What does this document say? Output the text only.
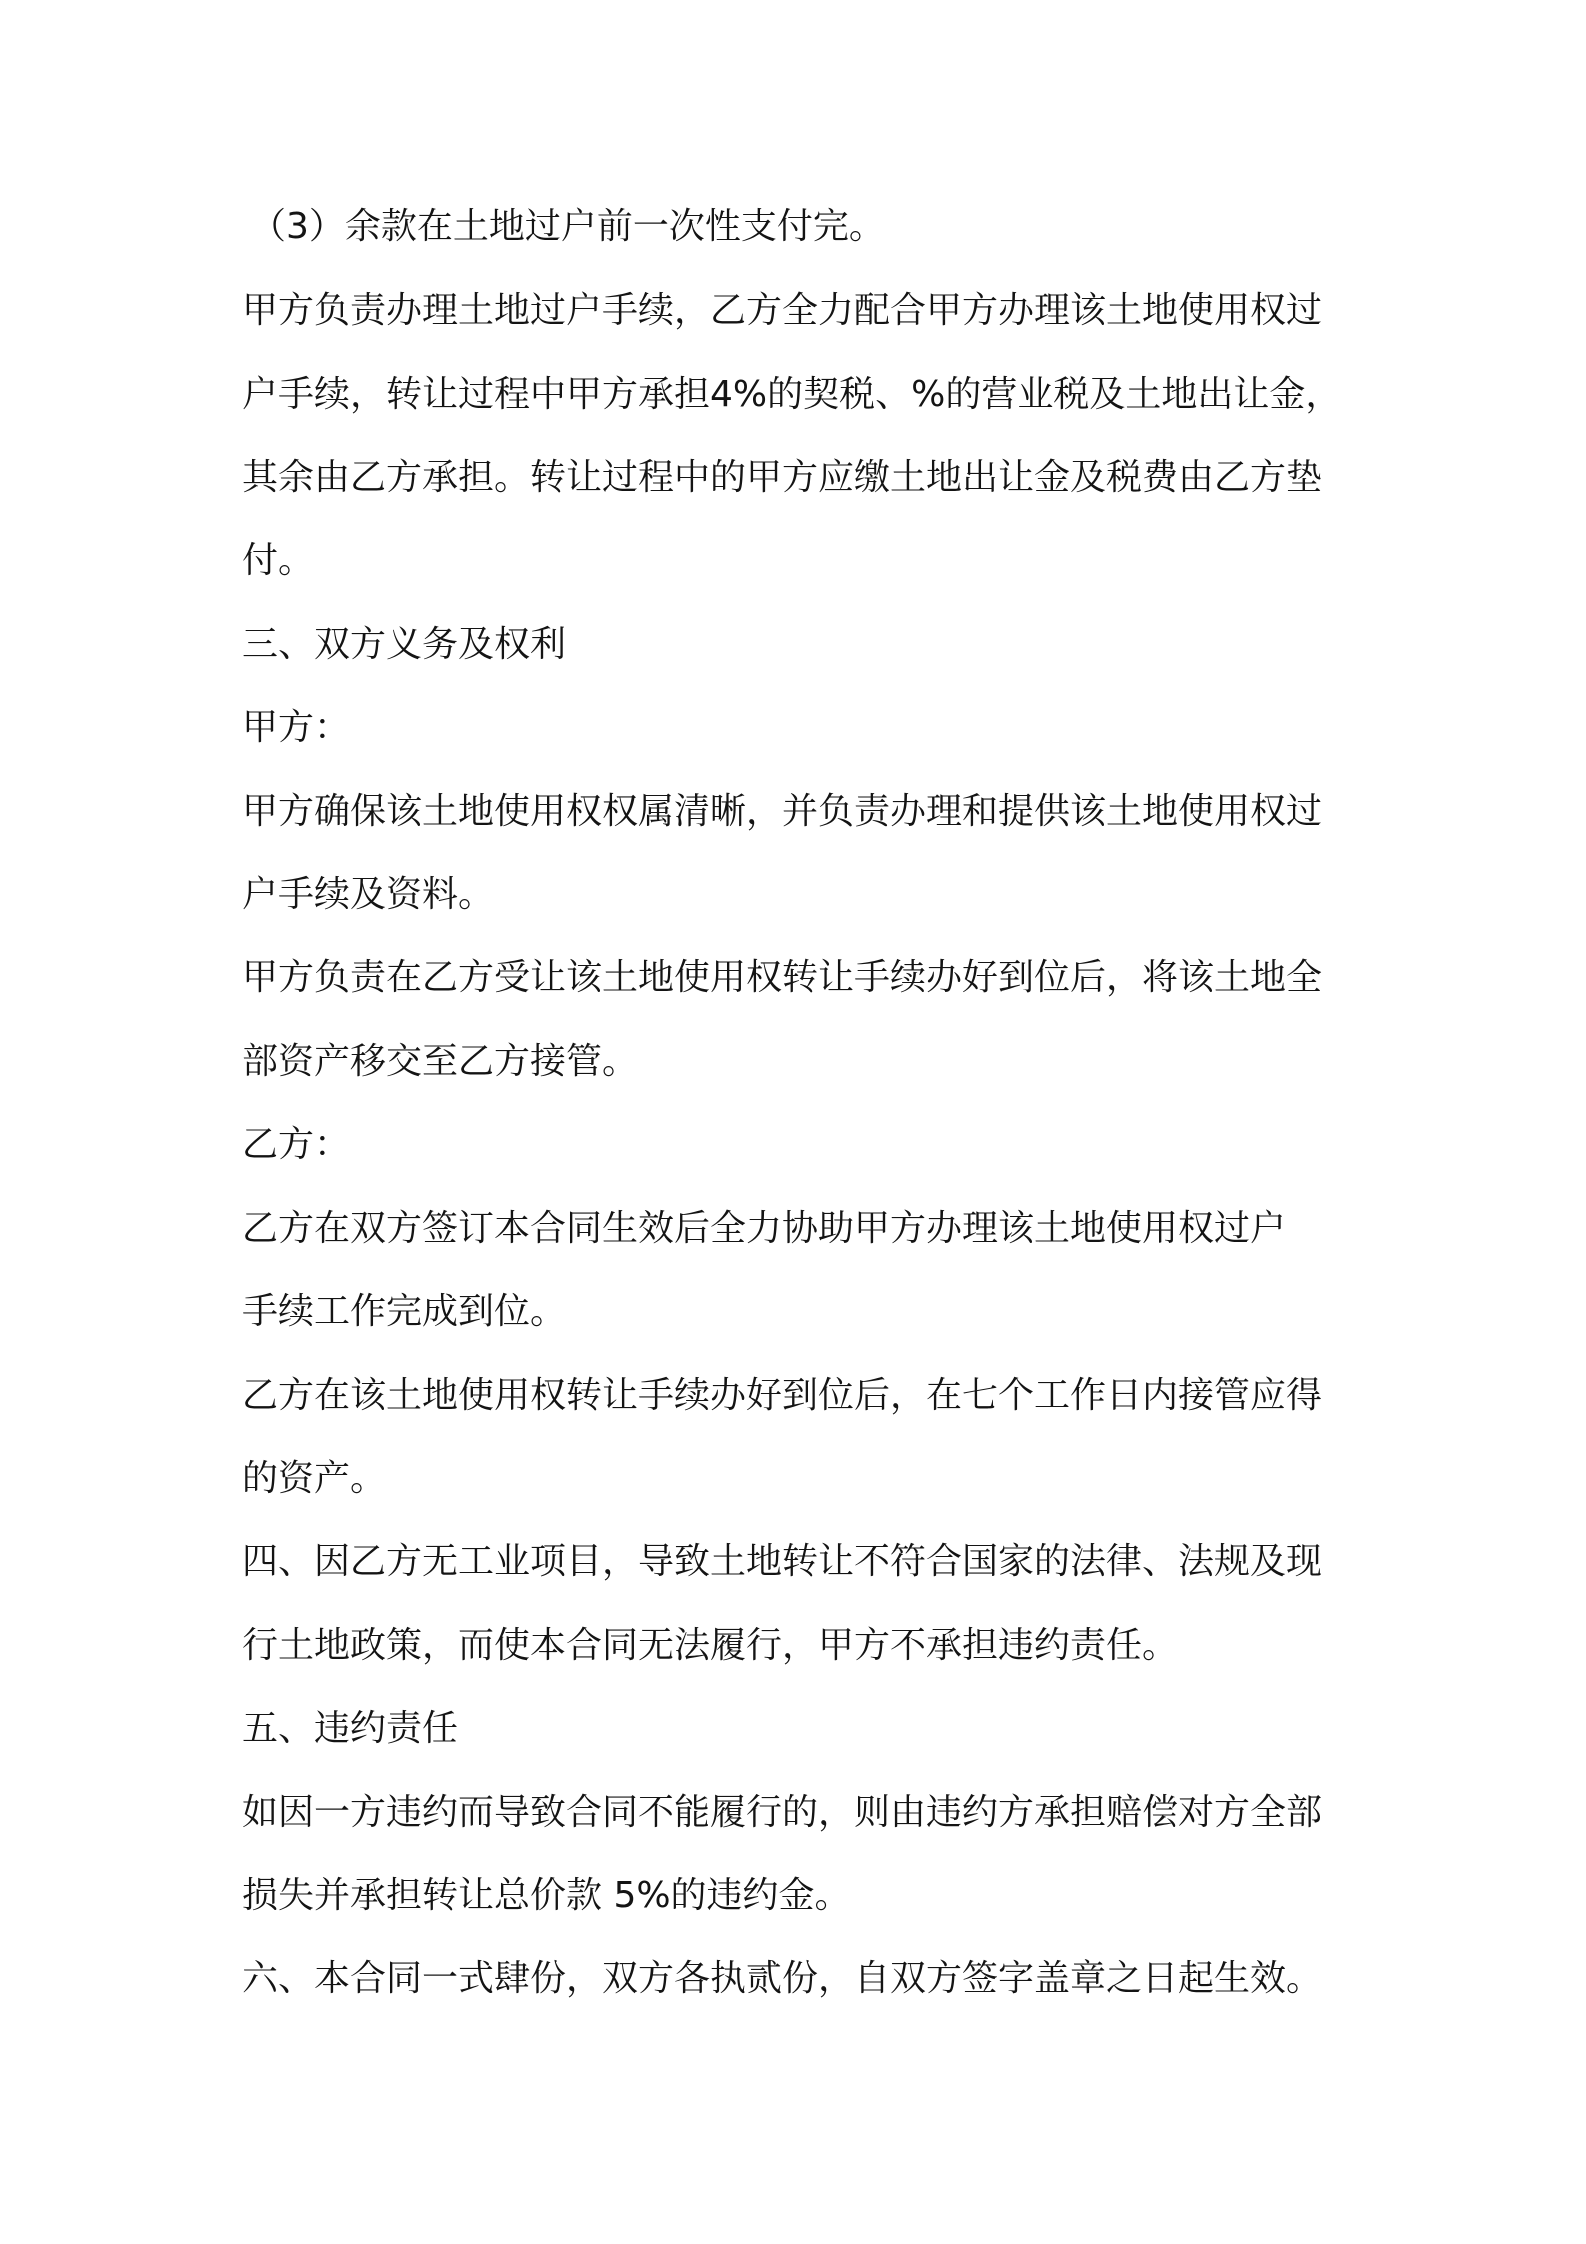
（3）余款在土地过户前一次性支付完。

甲方负责办理土地过户手续，乙方全力配合甲方办理该土地使用权过

户手续，转让过程中甲方承担4%的契税、%的营业税及土地出让金，

其余由乙方承担。转让过程中的甲方应缴土地出让金及税费由乙方垫

付。

三、双方义务及权利

甲方：

甲方确保该土地使用权权属清晰，并负责办理和提供该土地使用权过

户手续及资料。

甲方负责在乙方受让该土地使用权转让手续办好到位后，将该土地全

部资产移交至乙方接管。

乙方：

乙方在双方签订本合同生效后全力协助甲方办理该土地使用权过户

手续工作完成到位。

乙方在该土地使用权转让手续办好到位后，在七个工作日内接管应得

的资产。

四、因乙方无工业项目，导致土地转让不符合国家的法律、法规及现

行土地政策，而使本合同无法履行，甲方不承担违约责任。

五、违约责任

如因一方违约而导致合同不能履行的，则由违约方承担赔偿对方全部

损失并承担转让总价款 5%的违约金。

六、本合同一式肆份，双方各执贰份，自双方签字盖章之日起生效。
